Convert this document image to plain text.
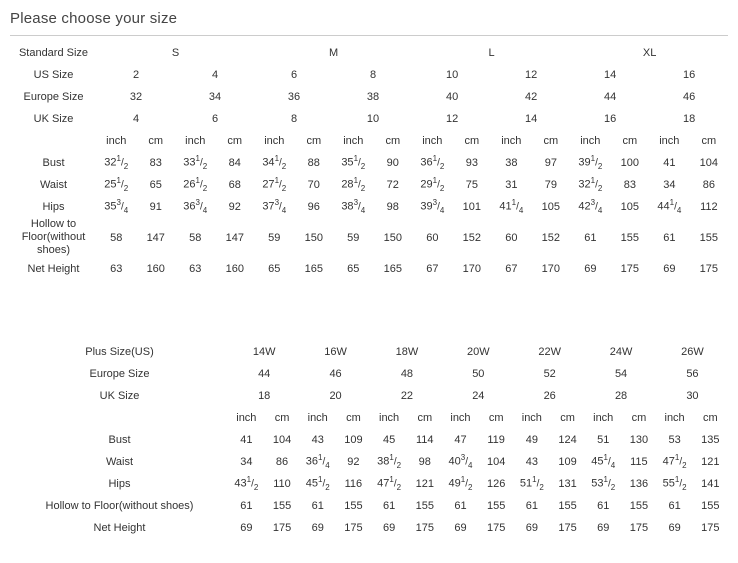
Please choose your size
Standard Size	S				M				L				XL			
US Size	2		4		6		8		10		12		14		16	
Europe Size	32		34		36		38		40		42		44		46	
UK Size	4		6		8		10		12		14		16		18	
	inch	cm	inch	cm	inch	cm	inch	cm	inch	cm	inch	cm	inch	cm	inch	cm
Bust	$32^1/_2$	83	$33^1/_2$	84	$34^1/_2$	88	$35^1/_2$	90	$36^1/_2$	93	38	97	$39^1/_2$	100	41	104
Waist	$25^1/_2$	65	$26^1/_2$	68	$27^1/_2$	70	$28^1/_2$	72	$29^1/_2$	75	31	79	$32^1/_2$	83	34	86
Hips	$35^3/_4$	91	$36^3/_4$	92	$37^3/_4$	96	$38^3/_4$	98	$39^3/_4$	101	$41^1/_4$	105	$42^3/_4$	105	$44^1/_4$	112
Hollow to Floor(without shoes)	58	147	58	147	59	150	59	150	60	152	60	152	61	155	61	155
Net Height	63	160	63	160	65	165	65	165	67	170	67	170	69	175	69	175
Plus Size(US)	14W		16W		18W		20W		22W		24W		26W	
Europe Size	44		46		48		50		52		54		56	
UK Size	18		20		22		24		26		28		30	
	inch	cm	inch	cm	inch	cm	inch	cm	inch	cm	inch	cm	inch	cm
Bust	41	104	43	109	45	114	47	119	49	124	51	130	53	135
Waist	34	86	$36^1/_4$	92	$38^1/_2$	98	$40^3/_4$	104	43	109	$45^1/_4$	115	$47^1/_2$	121
Hips	$43^1/_2$	110	$45^1/_2$	116	$47^1/_2$	121	$49^1/_2$	126	$51^1/_2$	131	$53^1/_2$	136	$55^1/_2$	141
Hollow to Floor(without shoes)	61	155	61	155	61	155	61	155	61	155	61	155	61	155
Net Height	69	175	69	175	69	175	69	175	69	175	69	175	69	175
